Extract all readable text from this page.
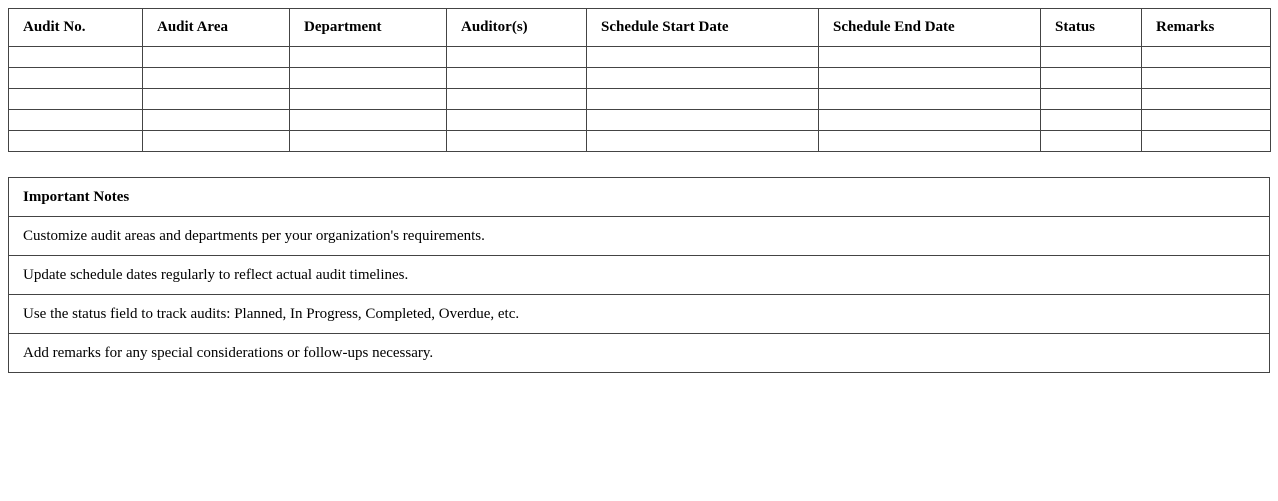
Audit No.	Audit Area	Department	Auditor(s)	Schedule Start Date	Schedule End Date	Status	Remarks

Important Notes
Customize audit areas and departments per your organization's requirements.
Update schedule dates regularly to reflect actual audit timelines.
Use the status field to track audits: Planned, In Progress, Completed, Overdue, etc.
Add remarks for any special considerations or follow-ups necessary.
